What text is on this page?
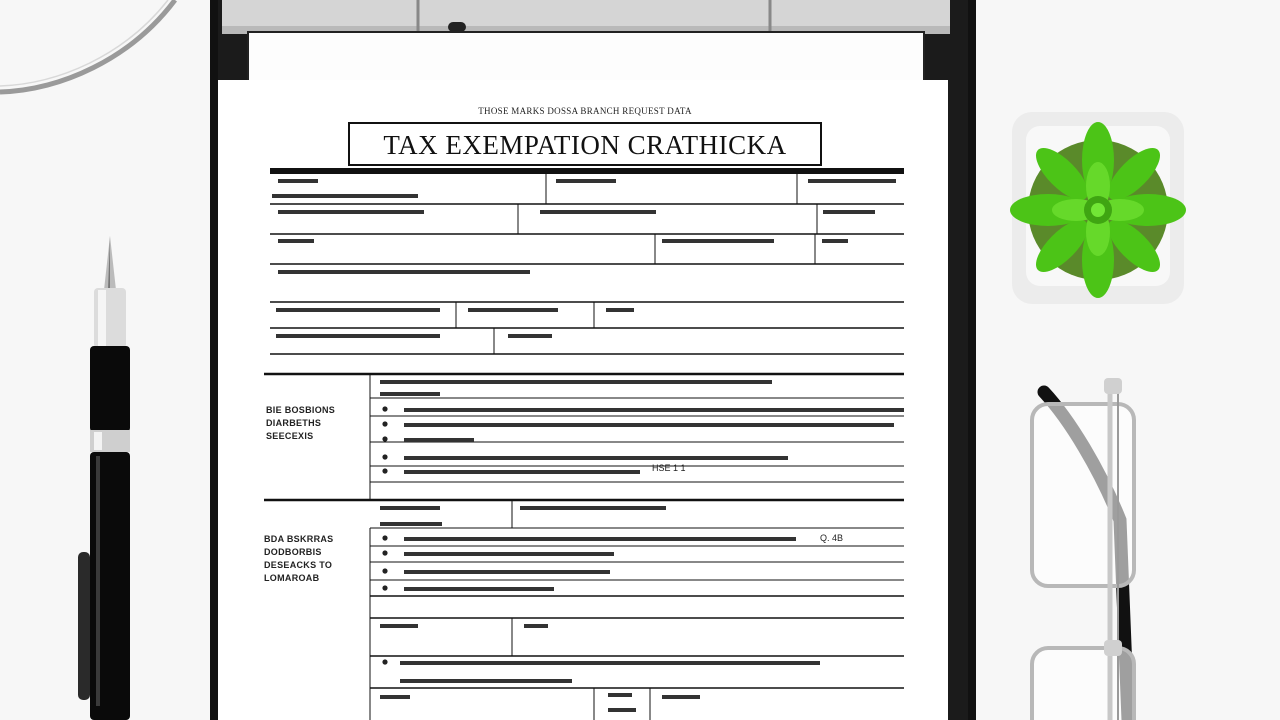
THOSE MARKS DOSSA BRANCH REQUEST DATA
TAX EXEMPATION CRATHICKA
BIE BOSBIONS DIARBETHS SEECEXIS
BDA BSKRRAS DODBORBIS DESEACKS TO LOMAROAB
HSE 1 1
Q. 4B
